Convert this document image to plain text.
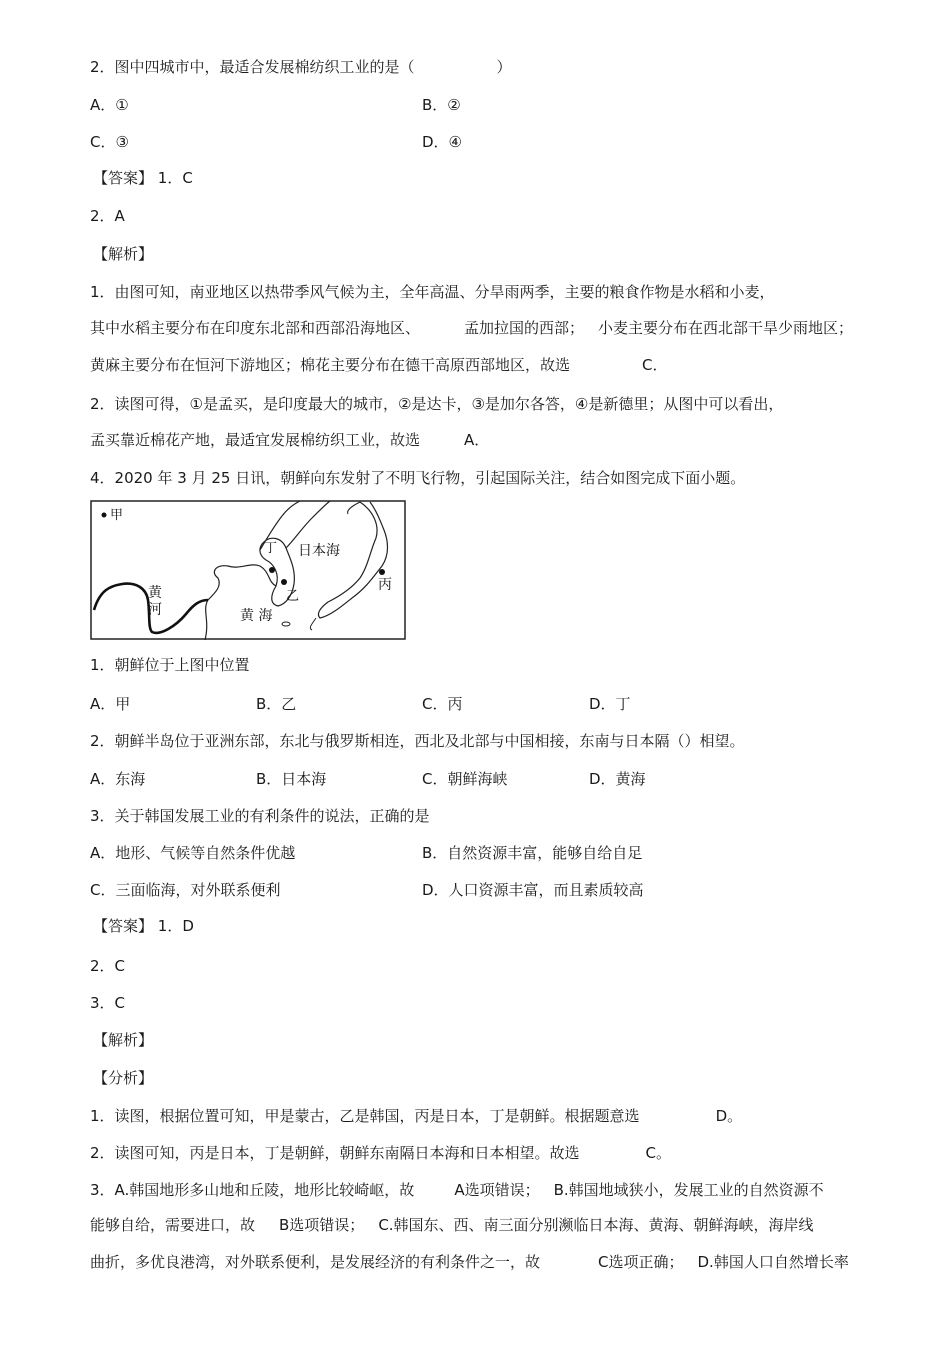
2．图中四城市中，最适合发展棉纺织工业的是（	）
A．①	B．②
C．③	D．④
【答案】 1．C
2．A
【解析】
1．由图可知，南亚地区以热带季风气候为主，全年高温、分旱雨两季，主要的粮食作物是水稻和小麦，
其中水稻主要分布在印度东北部和西部沿海地区、	孟加拉国的西部； 小麦主要分布在西北部干旱少雨地区；
黄麻主要分布在恒河下游地区；棉花主要分布在德干高原西部地区，故选	C．
2．读图可得，①是孟买，是印度最大的城市，②是达卡，③是加尔各答，④是新德里；从图中可以看出，
孟买靠近棉花产地，最适宜发展棉纺织工业，故选	A．
4．2020 年 3 月 25 日讯，朝鲜向东发射了不明飞行物，引起国际关注，结合如图完成下面小题。
甲
丁
乙
丙
日本海
黄 海
黄
河
1．朝鲜位于上图中位置
A．甲	B．乙	C．丙	D．丁
2．朝鲜半岛位于亚洲东部，东北与俄罗斯相连，西北及北部与中国相接，东南与日本隔（）相望。
A．东海	B．日本海	C．朝鲜海峡	D．黄海
3．关于韩国发展工业的有利条件的说法，正确的是
A．地形、气候等自然条件优越	B．自然资源丰富，能够自给自足
C．三面临海，对外联系便利	D．人口资源丰富，而且素质较高
【答案】 1．D
2．C
3．C
【解析】
【分析】
1．读图，根据位置可知，甲是蒙古，乙是韩国，丙是日本，丁是朝鲜。根据题意选	D。
2．读图可知，丙是日本，丁是朝鲜，朝鲜东南隔日本海和日本相望。故选	C。
3．A.韩国地形多山地和丘陵，地形比较崎岖，故	A选项错误； B.韩国地域狭小，发展工业的自然资源不
能够自给，需要进口，故 B选项错误； C.韩国东、西、南三面分别濒临日本海、黄海、朝鲜海峡，海岸线
曲折，多优良港湾，对外联系便利，是发展经济的有利条件之一，故	C选项正确； D.韩国人口自然增长率
